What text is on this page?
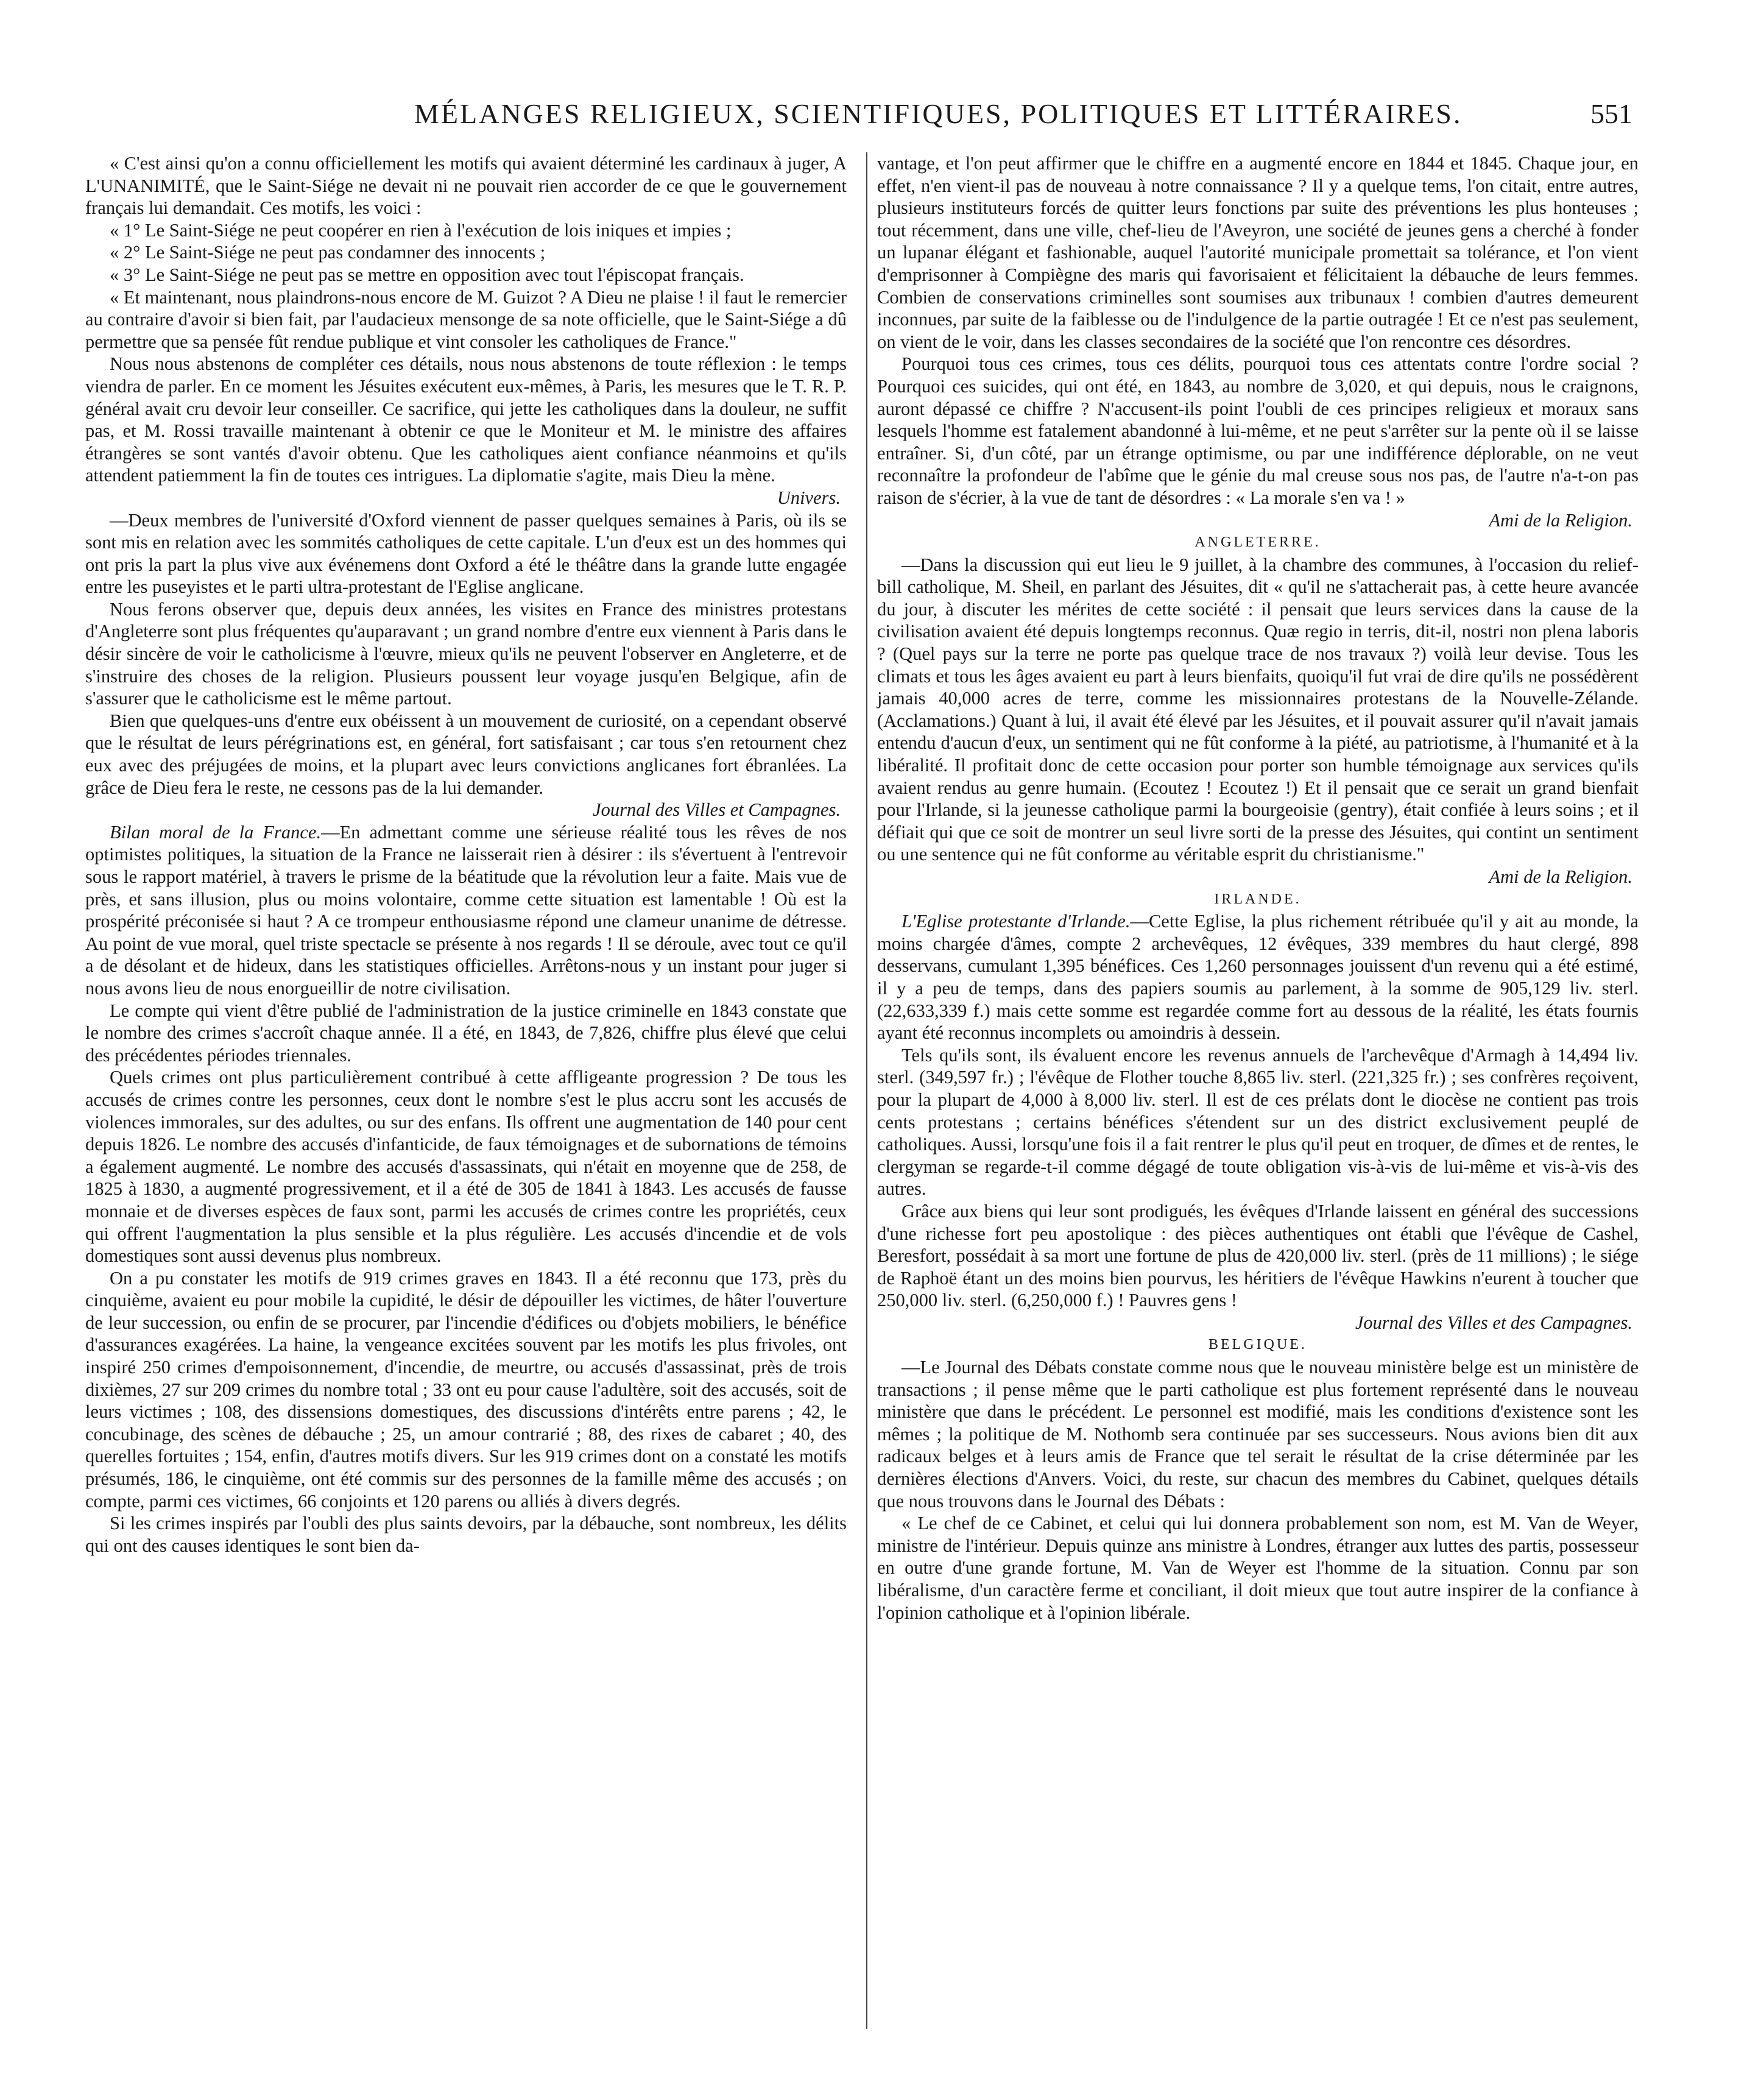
MÉLANGES RELIGIEUX, SCIENTIFIQUES, POLITIQUES ET LITTÉRAIRES.	551

« C'est ainsi qu'on a connu officiellement les motifs qui avaient déterminé les cardinaux à juger, A L'UNANIMITÉ, que le Saint-Siége ne devait ni ne pouvait rien accorder de ce que le gouvernement français lui demandait. Ces motifs, les voici :

« 1° Le Saint-Siége ne peut coopérer en rien à l'exécution de lois iniques et impies ;

« 2° Le Saint-Siége ne peut pas condamner des innocents ;

« 3° Le Saint-Siége ne peut pas se mettre en opposition avec tout l'épiscopat français.

« Et maintenant, nous plaindrons-nous encore de M. Guizot ? A Dieu ne plaise ! il faut le remercier au contraire d'avoir si bien fait, par l'audacieux mensonge de sa note officielle, que le Saint-Siége a dû permettre que sa pensée fût rendue publique et vint consoler les catholiques de France."

Nous nous abstenons de compléter ces détails, nous nous abstenons de toute réflexion : le temps viendra de parler. En ce moment les Jésuites exécutent eux-mêmes, à Paris, les mesures que le T. R. P. général avait cru devoir leur conseiller. Ce sacrifice, qui jette les catholiques dans la douleur, ne suffit pas, et M. Rossi travaille maintenant à obtenir ce que le Moniteur et M. le ministre des affaires étrangères se sont vantés d'avoir obtenu. Que les catholiques aient confiance néanmoins et qu'ils attendent patiemment la fin de toutes ces intrigues. La diplomatie s'agite, mais Dieu la mène.

Univers.

—Deux membres de l'université d'Oxford viennent de passer quelques semaines à Paris, où ils se sont mis en relation avec les sommités catholiques de cette capitale. L'un d'eux est un des hommes qui ont pris la part la plus vive aux événemens dont Oxford a été le théâtre dans la grande lutte engagée entre les puseyistes et le parti ultra-protestant de l'Eglise anglicane.

Nous ferons observer que, depuis deux années, les visites en France des ministres protestans d'Angleterre sont plus fréquentes qu'auparavant ; un grand nombre d'entre eux viennent à Paris dans le désir sincère de voir le catholicisme à l'œuvre, mieux qu'ils ne peuvent l'observer en Angleterre, et de s'instruire des choses de la religion. Plusieurs poussent leur voyage jusqu'en Belgique, afin de s'assurer que le catholicisme est le même partout.

Bien que quelques-uns d'entre eux obéissent à un mouvement de curiosité, on a cependant observé que le résultat de leurs pérégrinations est, en général, fort satisfaisant ; car tous s'en retournent chez eux avec des préjugées de moins, et la plupart avec leurs convictions anglicanes fort ébranlées. La grâce de Dieu fera le reste, ne cessons pas de la lui demander.

Journal des Villes et Campagnes.

Bilan moral de la France.—En admettant comme une sérieuse réalité tous les rêves de nos optimistes politiques, la situation de la France ne laisserait rien à désirer : ils s'évertuent à l'entrevoir sous le rapport matériel, à travers le prisme de la béatitude que la révolution leur a faite. Mais vue de près, et sans illusion, plus ou moins volontaire, comme cette situation est lamentable ! Où est la prospérité préconisée si haut ? A ce trompeur enthousiasme répond une clameur unanime de détresse. Au point de vue moral, quel triste spectacle se présente à nos regards ! Il se déroule, avec tout ce qu'il a de désolant et de hideux, dans les statistiques officielles. Arrêtons-nous y un instant pour juger si nous avons lieu de nous enorgueillir de notre civilisation.

Le compte qui vient d'être publié de l'administration de la justice criminelle en 1843 constate que le nombre des crimes s'accroît chaque année. Il a été, en 1843, de 7,826, chiffre plus élevé que celui des précédentes périodes triennales.

Quels crimes ont plus particulièrement contribué à cette affligeante progression ? De tous les accusés de crimes contre les personnes, ceux dont le nombre s'est le plus accru sont les accusés de violences immorales, sur des adultes, ou sur des enfans. Ils offrent une augmentation de 140 pour cent depuis 1826. Le nombre des accusés d'infanticide, de faux témoignages et de subornations de témoins a également augmenté. Le nombre des accusés d'assassinats, qui n'était en moyenne que de 258, de 1825 à 1830, a augmenté progressivement, et il a été de 305 de 1841 à 1843. Les accusés de fausse monnaie et de diverses espèces de faux sont, parmi les accusés de crimes contre les propriétés, ceux qui offrent l'augmentation la plus sensible et la plus régulière. Les accusés d'incendie et de vols domestiques sont aussi devenus plus nombreux.

On a pu constater les motifs de 919 crimes graves en 1843. Il a été reconnu que 173, près du cinquième, avaient eu pour mobile la cupidité, le désir de dépouiller les victimes, de hâter l'ouverture de leur succession, ou enfin de se procurer, par l'incendie d'édifices ou d'objets mobiliers, le bénéfice d'assurances exagérées. La haine, la vengeance excitées souvent par les motifs les plus frivoles, ont inspiré 250 crimes d'empoisonnement, d'incendie, de meurtre, ou accusés d'assassinat, près de trois dixièmes, 27 sur 209 crimes du nombre total ; 33 ont eu pour cause l'adultère, soit des accusés, soit de leurs victimes ; 108, des dissensions domestiques, des discussions d'intérêts entre parens ; 42, le concubinage, des scènes de débauche ; 25, un amour contrarié ; 88, des rixes de cabaret ; 40, des querelles fortuites ; 154, enfin, d'autres motifs divers. Sur les 919 crimes dont on a constaté les motifs présumés, 186, le cinquième, ont été commis sur des personnes de la famille même des accusés ; on compte, parmi ces victimes, 66 conjoints et 120 parens ou alliés à divers degrés.

Si les crimes inspirés par l'oubli des plus saints devoirs, par la débauche, sont nombreux, les délits qui ont des causes identiques le sont bien da-

vantage, et l'on peut affirmer que le chiffre en a augmenté encore en 1844 et 1845. Chaque jour, en effet, n'en vient-il pas de nouveau à notre connaissance ? Il y a quelque tems, l'on citait, entre autres, plusieurs instituteurs forcés de quitter leurs fonctions par suite des préventions les plus honteuses ; tout récemment, dans une ville, chef-lieu de l'Aveyron, une société de jeunes gens a cherché à fonder un lupanar élégant et fashionable, auquel l'autorité municipale promettait sa tolérance, et l'on vient d'emprisonner à Compiègne des maris qui favorisaient et félicitaient la débauche de leurs femmes. Combien de conservations criminelles sont soumises aux tribunaux ! combien d'autres demeurent inconnues, par suite de la faiblesse ou de l'indulgence de la partie outragée ! Et ce n'est pas seulement, on vient de le voir, dans les classes secondaires de la société que l'on rencontre ces désordres.

Pourquoi tous ces crimes, tous ces délits, pourquoi tous ces attentats contre l'ordre social ? Pourquoi ces suicides, qui ont été, en 1843, au nombre de 3,020, et qui depuis, nous le craignons, auront dépassé ce chiffre ? N'accusent-ils point l'oubli de ces principes religieux et moraux sans lesquels l'homme est fatalement abandonné à lui-même, et ne peut s'arrêter sur la pente où il se laisse entraîner. Si, d'un côté, par un étrange optimisme, ou par une indifférence déplorable, on ne veut reconnaître la profondeur de l'abîme que le génie du mal creuse sous nos pas, de l'autre n'a-t-on pas raison de s'écrier, à la vue de tant de désordres : « La morale s'en va ! »

Ami de la Religion.

ANGLETERRE.

—Dans la discussion qui eut lieu le 9 juillet, à la chambre des communes, à l'occasion du relief-bill catholique, M. Sheil, en parlant des Jésuites, dit « qu'il ne s'attacherait pas, à cette heure avancée du jour, à discuter les mérites de cette société : il pensait que leurs services dans la cause de la civilisation avaient été depuis longtemps reconnus. Quæ regio in terris, dit-il, nostri non plena laboris ? (Quel pays sur la terre ne porte pas quelque trace de nos travaux ?) voilà leur devise. Tous les climats et tous les âges avaient eu part à leurs bienfaits, quoiqu'il fut vrai de dire qu'ils ne possédèrent jamais 40,000 acres de terre, comme les missionnaires protestans de la Nouvelle-Zélande. (Acclamations.) Quant à lui, il avait été élevé par les Jésuites, et il pouvait assurer qu'il n'avait jamais entendu d'aucun d'eux, un sentiment qui ne fût conforme à la piété, au patriotisme, à l'humanité et à la libéralité. Il profitait donc de cette occasion pour porter son humble témoignage aux services qu'ils avaient rendus au genre humain. (Ecoutez ! Ecoutez !) Et il pensait que ce serait un grand bienfait pour l'Irlande, si la jeunesse catholique parmi la bourgeoisie (gentry), était confiée à leurs soins ; et il défiait qui que ce soit de montrer un seul livre sorti de la presse des Jésuites, qui contint un sentiment ou une sentence qui ne fût conforme au véritable esprit du christianisme."

Ami de la Religion.

IRLANDE.

L'Eglise protestante d'Irlande.—Cette Eglise, la plus richement rétribuée qu'il y ait au monde, la moins chargée d'âmes, compte 2 archevêques, 12 évêques, 339 membres du haut clergé, 898 desservans, cumulant 1,395 bénéfices. Ces 1,260 personnages jouissent d'un revenu qui a été estimé, il y a peu de temps, dans des papiers soumis au parlement, à la somme de 905,129 liv. sterl. (22,633,339 f.) mais cette somme est regardée comme fort au dessous de la réalité, les états fournis ayant été reconnus incomplets ou amoindris à dessein.

Tels qu'ils sont, ils évaluent encore les revenus annuels de l'archevêque d'Armagh à 14,494 liv. sterl. (349,597 fr.) ; l'évêque de Flother touche 8,865 liv. sterl. (221,325 fr.) ; ses confrères reçoivent, pour la plupart de 4,000 à 8,000 liv. sterl. Il est de ces prélats dont le diocèse ne contient pas trois cents protestans ; certains bénéfices s'étendent sur un des district exclusivement peuplé de catholiques. Aussi, lorsqu'une fois il a fait rentrer le plus qu'il peut en troquer, de dîmes et de rentes, le clergyman se regarde-t-il comme dégagé de toute obligation vis-à-vis de lui-même et vis-à-vis des autres.

Grâce aux biens qui leur sont prodigués, les évêques d'Irlande laissent en général des successions d'une richesse fort peu apostolique : des pièces authentiques ont établi que l'évêque de Cashel, Beresfort, possédait à sa mort une fortune de plus de 420,000 liv. sterl. (près de 11 millions) ; le siége de Raphoë étant un des moins bien pourvus, les héritiers de l'évêque Hawkins n'eurent à toucher que 250,000 liv. sterl. (6,250,000 f.) ! Pauvres gens !

Journal des Villes et des Campagnes.

BELGIQUE.

—Le Journal des Débats constate comme nous que le nouveau ministère belge est un ministère de transactions ; il pense même que le parti catholique est plus fortement représenté dans le nouveau ministère que dans le précédent. Le personnel est modifié, mais les conditions d'existence sont les mêmes ; la politique de M. Nothomb sera continuée par ses successeurs. Nous avions bien dit aux radicaux belges et à leurs amis de France que tel serait le résultat de la crise déterminée par les dernières élections d'Anvers. Voici, du reste, sur chacun des membres du Cabinet, quelques détails que nous trouvons dans le Journal des Débats :

« Le chef de ce Cabinet, et celui qui lui donnera probablement son nom, est M. Van de Weyer, ministre de l'intérieur. Depuis quinze ans ministre à Londres, étranger aux luttes des partis, possesseur en outre d'une grande fortune, M. Van de Weyer est l'homme de la situation. Connu par son libéralisme, d'un caractère ferme et conciliant, il doit mieux que tout autre inspirer de la confiance à l'opinion catholique et à l'opinion libérale.
